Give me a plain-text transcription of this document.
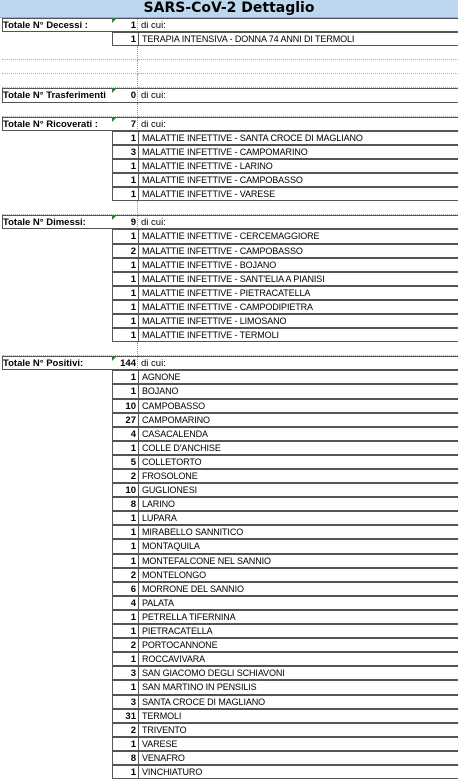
SARS-CoV-2 Dettaglio
Totale N° Decessi :	1 di cui:
1 TERAPIA INTENSIVA - DONNA 74 ANNI DI TERMOLI
Totale N° Trasferimenti	0 di cui:
Totale N° Ricoverati :	7 di cui:
1 MALATTIE INFETTIVE - SANTA CROCE DI MAGLIANO
3 MALATTIE INFETTIVE - CAMPOMARINO
1 MALATTIE INFETTIVE - LARINO
1 MALATTIE INFETTIVE - CAMPOBASSO
1 MALATTIE INFETTIVE - VARESE
Totale N° Dimessi:	9 di cui:
1 MALATTIE INFETTIVE - CERCEMAGGIORE
2 MALATTIE INFETTIVE - CAMPOBASSO
1 MALATTIE INFETTIVE - BOJANO
1 MALATTIE INFETTIVE - SANT'ELIA A PIANISI
1 MALATTIE INFETTIVE - PIETRACATELLA
1 MALATTIE INFETTIVE - CAMPODIPIETRA
1 MALATTIE INFETTIVE - LIMOSANO
1 MALATTIE INFETTIVE - TERMOLI
Totale N° Positivi:	144 di cui:
1 AGNONE
1 BOJANO
10 CAMPOBASSO
27 CAMPOMARINO
4 CASACALENDA
1 COLLE D'ANCHISE
5 COLLETORTO
2 FROSOLONE
10 GUGLIONESI
8 LARINO
1 LUPARA
1 MIRABELLO SANNITICO
1 MONTAQUILA
1 MONTEFALCONE NEL SANNIO
2 MONTELONGO
6 MORRONE DEL SANNIO
4 PALATA
1 PETRELLA TIFERNINA
1 PIETRACATELLA
2 PORTOCANNONE
1 ROCCAVIVARA
3 SAN GIACOMO DEGLI SCHIAVONI
1 SAN MARTINO IN PENSILIS
3 SANTA CROCE DI MAGLIANO
31 TERMOLI
2 TRIVENTO
1 VARESE
8 VENAFRO
1 VINCHIATURO
